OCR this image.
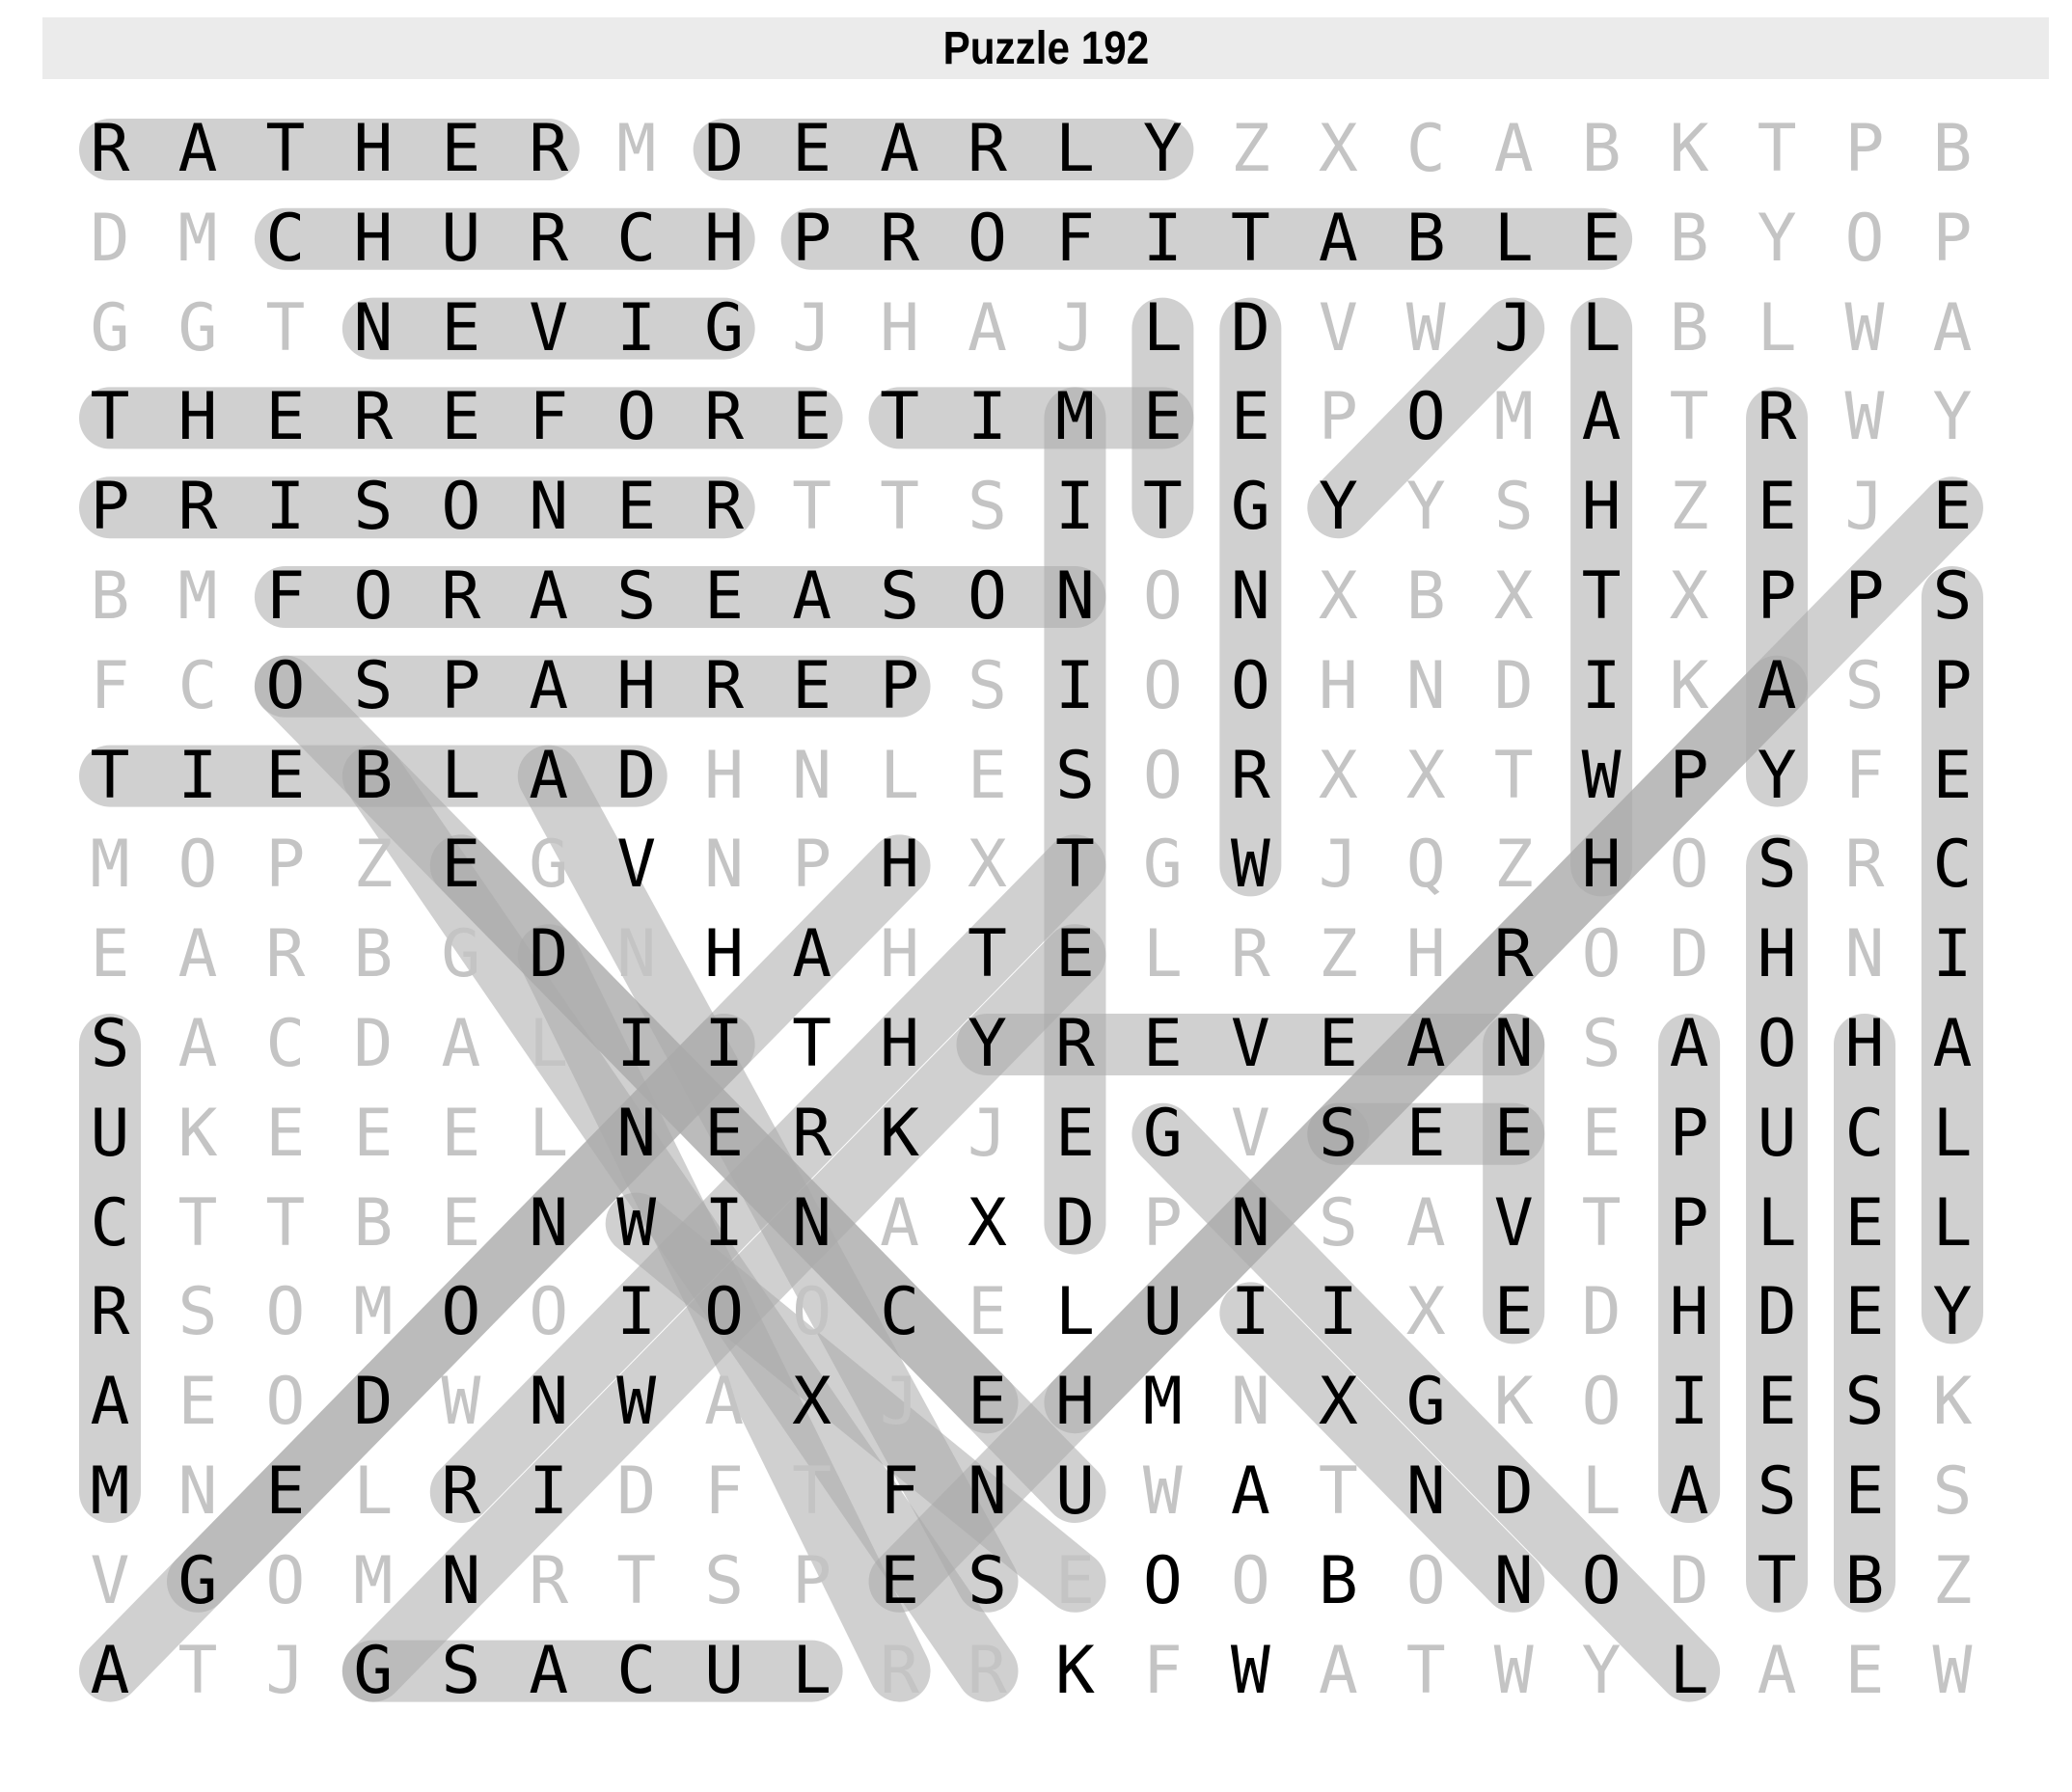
Puzzle 192
R A T H E R M D E A R L Y Z X C A B K T P B
D M C H U R C H P R O F I T A B L E B Y O P
G G T N E V I G J H A J L D V W J L B L W A
T H E R E F O R E T I M E E P O M A T R W Y
P R I S O N E R T T S I T G Y Y S H Z E J E
B M F O R A S E A S O N O N X B X T X P P S
F C O S P A H R E P S I O O H N D I K A S P
T I E B L A D H N L E S O R X X T W P Y F E
M O P Z E G V N P H X T G W J Q Z H O S R C
E A R B G D N H A H T E L R Z H R O D H N I
S A C D A L I I T H Y R E V E A N S A O H A
U K E E E L N E R K J E G V S E E E P U C L
C T T B E N W I N A X D P N S A V T P L E L
R S O M O O I O O C E L U I I X E D H D E Y
A E O D W N W A X J E H M N X G K O I E S K
M N E L R I D F T F N U W A T N D L A S E S
V G O M N R T S P E S E O O B O N O D T B Z
A T J G S A C U L R R K F W A T W Y L A E W
